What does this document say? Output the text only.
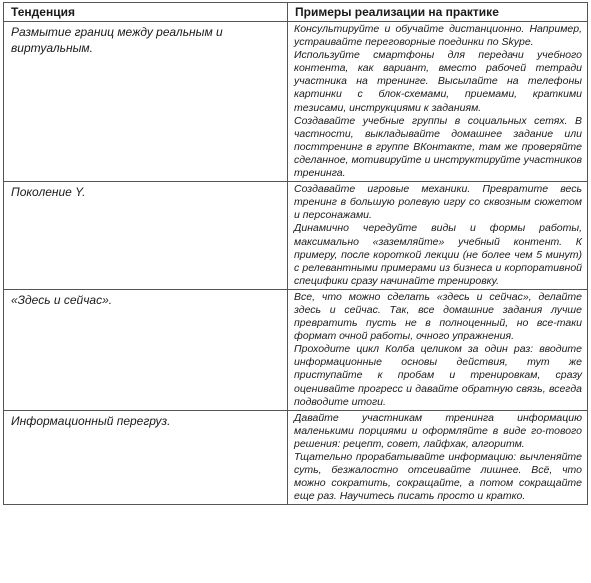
Тенденция	Примеры реализации на практике
Размытие границ между реальным и виртуальным.	Консультируйте и обучайте дистанционно. Например, устраивайте переговорные поединки по Skype.

Используйте смартфоны для передачи учебного контента, как вариант, вместо рабочей тетради участника на тренинге. Высылайте на телефоны картинки с блок-схемами, приемами, краткими тезисами, инструкциями к заданиям.

Создавайте учебные группы в социальных сетях. В частности, выкладывайте домашнее задание или посттренинг в группе ВКонтакте, там же проверяйте сделанное, мотивируйте и инструктируйте участников тренинга.

Поколение Y.	Создавайте игровые механики. Превратите весь тренинг в большую ролевую игру со сквозным сюжетом и персонажами.

Динамично чередуйте виды и формы работы, максимально «заземляйте» учебный контент. К примеру, после короткой лекции (не более чем 5 минут) с релевантными примерами из бизнеса и корпоративной специфики сразу начинайте тренировку.

«Здесь и сейчас».	Все, что можно сделать «здесь и сейчас», делайте здесь и сейчас. Так, все домашние задания лучше превратить пусть не в полноценный, но все-таки формат очной работы, очного упражнения.

Проходите цикл Колба целиком за один раз: вводите информационные основы действия, тут же приступайте к пробам и тренировкам, сразу оценивайте прогресс и давайте обратную связь, всегда подводите итоги.

Информационный перегруз.	Давайте участникам тренинга информацию маленькими порциями и оформляйте в виде го-тового решения: рецепт, совет, лайфхак, алгоритм.

Тщательно прорабатывайте информацию: вычленяйте суть, безжалостно отсеивайте лишнее. Всё, что можно сократить, сокращайте, а потом сокращайте еще раз. Научитесь писать просто и кратко.
